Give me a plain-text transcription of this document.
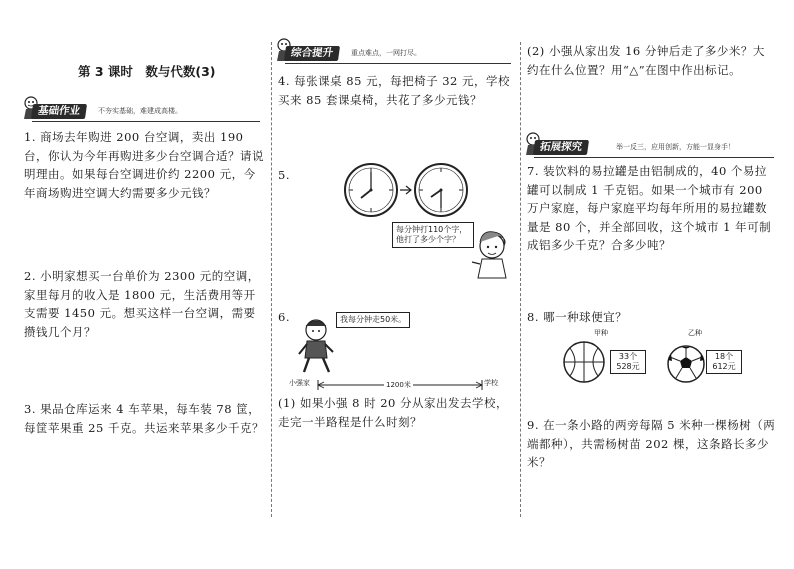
第 3 课时　数与代数(3)
基础作业	不夯实基础，难建成高楼。
1. 商场去年购进 200 台空调，卖出 190 台，你认为今年再购进多少台空调合适？请说明理由。如果每台空调进价约 2200 元，今年商场购进空调大约需要多少元钱？
2. 小明家想买一台单价为 2300 元的空调，家里每月的收入是 1800 元，生活费用等开支需要 1450 元。想买这样一台空调，需要攒钱几个月？
3. 果品仓库运来 4 车苹果，每车装 78 筐，每筐苹果重 25 千克。共运来苹果多少千克？
综合提升	重点难点，一网打尽。
4. 每张课桌 85 元，每把椅子 32 元，学校买来 85 套课桌椅，共花了多少元钱？
5.
每分钟打110个字，他打了多少个字？
6.	我每分钟走50米。
小强家	学校
1200米
(1) 如果小强 8 时 20 分从家出发去学校，走完一半路程是什么时刻？
(2) 小强从家出发 16 分钟后走了多少米？大约在什么位置？用“△”在图中作出标记。
拓展探究	举一反三，应用创新，方能一显身手！
7. 装饮料的易拉罐是由铝制成的，40 个易拉罐可以制成 1 千克铝。如果一个城市有 200 万户家庭，每户家庭平均每年所用的易拉罐数量是 80 个，并全部回收，这个城市 1 年可制成铝多少千克？合多少吨？
8. 哪一种球便宜？
甲种	乙种
33个
528元
18个
612元
9. 在一条小路的两旁每隔 5 米种一棵杨树（两端都种），共需杨树苗 202 棵，这条路长多少米？
